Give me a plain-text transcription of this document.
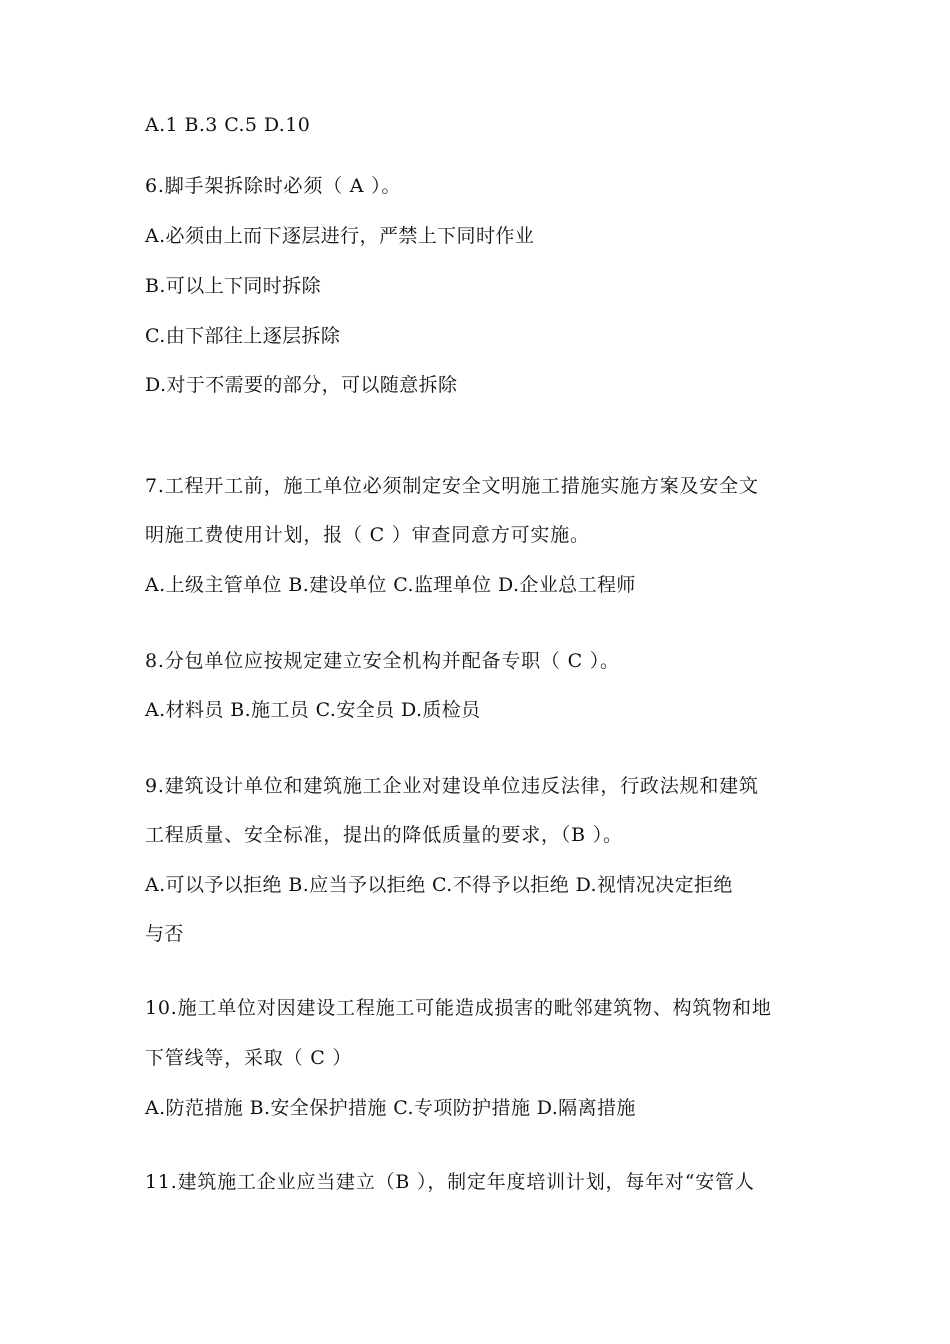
A.1 B.3 C.5 D.10
6.脚手架拆除时必须（ A ）。
A.必须由上而下逐层进行，严禁上下同时作业
B.可以上下同时拆除
C.由下部往上逐层拆除
D.对于不需要的部分，可以随意拆除
7.工程开工前，施工单位必须制定安全文明施工措施实施方案及安全文
明施工费使用计划，报（ C ）审查同意方可实施。
A.上级主管单位 B.建设单位 C.监理单位 D.企业总工程师
8.分包单位应按规定建立安全机构并配备专职（ C ）。
A.材料员 B.施工员 C.安全员 D.质检员
9.建筑设计单位和建筑施工企业对建设单位违反法律，行政法规和建筑
工程质量、安全标准，提出的降低质量的要求，（B ）。
A.可以予以拒绝 B.应当予以拒绝 C.不得予以拒绝 D.视情况决定拒绝
与否
10.施工单位对因建设工程施工可能造成损害的毗邻建筑物、构筑物和地
下管线等，采取（ C ）
A.防范措施 B.安全保护措施 C.专项防护措施 D.隔离措施
11.建筑施工企业应当建立（B ），制定年度培训计划，每年对“安管人
